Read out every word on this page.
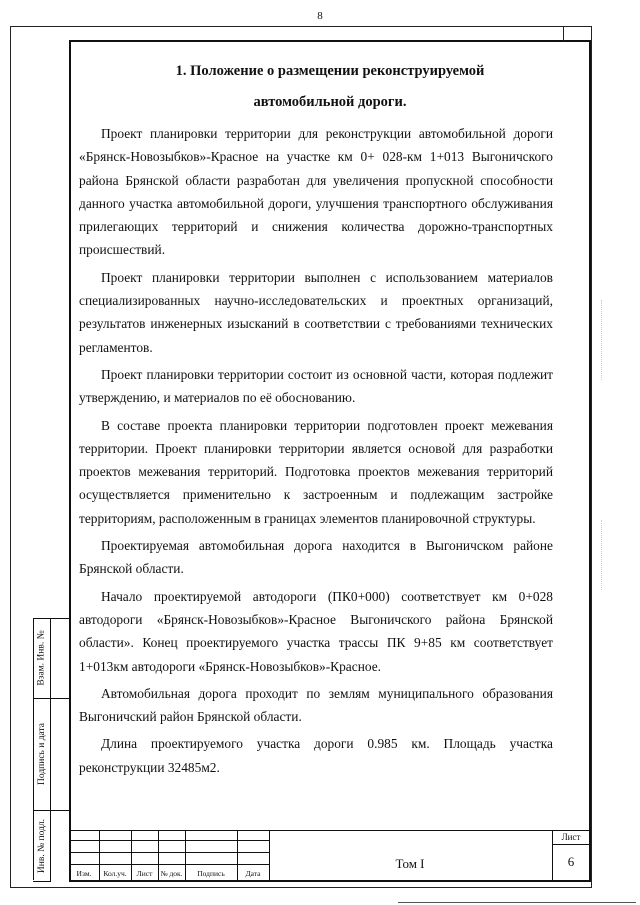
8
1. Положение о размещении реконструируемой
автомобильной дороги.

Проект планировки территории для реконструкции автомобильной дороги «Брянск-Новозыбков»-Красное на участке км 0+ 028-км 1+013 Выгоничского района Брянской области разработан для увеличения пропускной способности данного участка автомобильной дороги, улучшения транспортного обслуживания прилегающих территорий и снижения количества дорожно-транспортных происшествий.

Проект планировки территории выполнен с использованием материалов специализированных научно-исследовательских и проектных организаций, результатов инженерных изысканий в соответствии с требованиями технических регламентов.

Проект планировки территории состоит из основной части, которая подлежит утверждению, и материалов по её обоснованию.

В составе проекта планировки территории подготовлен проект межевания территории. Проект планировки территории является основой для разработки проектов межевания территорий. Подготовка проектов межевания территорий осуществляется применительно к застроенным и подлежащим застройке территориям, расположенным в границах элементов планировочной структуры.

Проектируемая автомобильная дорога находится в Выгоничском районе Брянской области.

Начало проектируемой автодороги (ПК0+000) соответствует км 0+028 автодороги «Брянск-Новозыбков»-Красное Выгоничского района Брянской области». Конец проектируемого участка трассы ПК 9+85 км соответствует 1+013км автодороги «Брянск-Новозыбков»-Красное.

Автомобильная дорога проходит по землям муниципального образования Выгоничский район Брянской области.

Длина проектируемого участка дороги 0.985 км. Площадь участка реконструкции 32485м2.

Взам. Инв. №
Подпись и дата
Инв. № подл.
Изм.	Кол.уч.	Лист	№ док.	Подпись	Дата
Том I
Лист
6
